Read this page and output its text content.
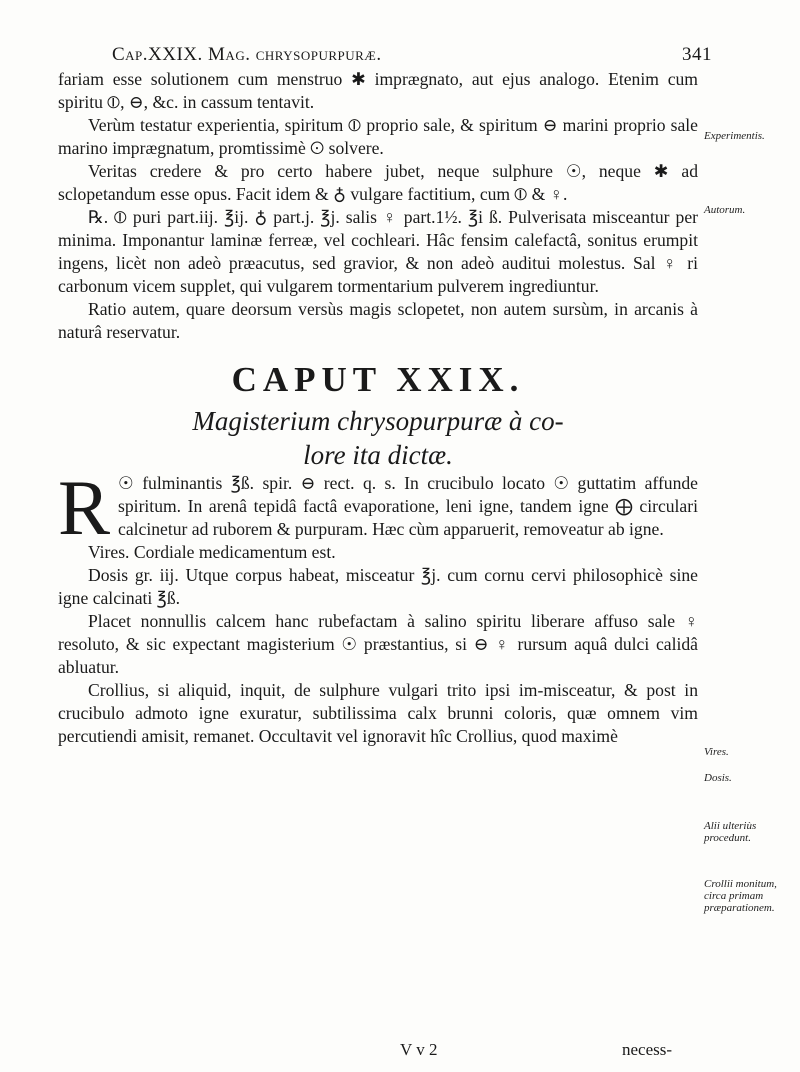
Cap.XXIX. Mag. chrysopurpuræ.	341
Experimentis.
Autorum.
Vires.
Dosis.
Alii ulteriùs procedunt.
Crollii monitum, circa primam præparationem.

fariam esse solutionem cum menstruo ✱ imprægnato, aut ejus analogo. Etenim cum spiritu ⦶, ⊖, &c. in cassum tentavit.

Verùm testatur experientia, spiritum ⦶ proprio sale, & spiritum ⊖ marini proprio sale marino imprægnatum, promtissimè ☉ solvere.

Veritas credere & pro certo habere jubet, neque sulphure ☉, neque ✱ ad sclopetandum esse opus. Facit idem & ♁ vulgare factitium, cum ⦶ & ♀.

℞. ⦶ puri part.iij. ℥ij. ♁ part.j. ℥j. salis ♀ part.1½. ℥i ß. Pulverisata misceantur per minima. Imponantur laminæ ferreæ, vel cochleari. Hâc fensim calefactâ, sonitus erumpit ingens, licèt non adeò præacutus, sed gravior, & non adeò auditui molestus. Sal ♀ ri carbonum vicem supplet, qui vulgarem tormentarium pulverem ingrediuntur.

Ratio autem, quare deorsum versùs magis sclopetet, non autem sursùm, in arcanis à naturâ reservatur.

CAPUT XXIX.

Magisterium chrysopurpuræ à co-

lore ita dictæ.

R ☉ fulminantis ℥ß. spir. ⊖ rect. q. s. In crucibulo locato ☉ guttatim affunde spiritum. In arenâ tepidâ factâ evaporatione, leni igne, tandem igne ⨁ circulari calcinetur ad ruborem & purpuram. Hæc cùm apparuerit, removeatur ab igne.

Vires. Cordiale medicamentum est.

Dosis gr. iij. Utque corpus habeat, misceatur ℥j. cum cornu cervi philosophicè sine igne calcinati ℥ß.

Placet nonnullis calcem hanc rubefactam à salino spiritu liberare affuso sale ♀ resoluto, & sic expectant magisterium ☉ præstantius, si ⊖ ♀ rursum aquâ dulci calidâ abluatur.

Crollius, si aliquid, inquit, de sulphure vulgari trito ipsi im-misceatur, & post in crucibulo admoto igne exuratur, subtilissima calx brunni coloris, quæ omnem vim percutiendi amisit, remanet. Occultavit vel ignoravit hîc Crollius, quod maximè

V v 2	necess-
